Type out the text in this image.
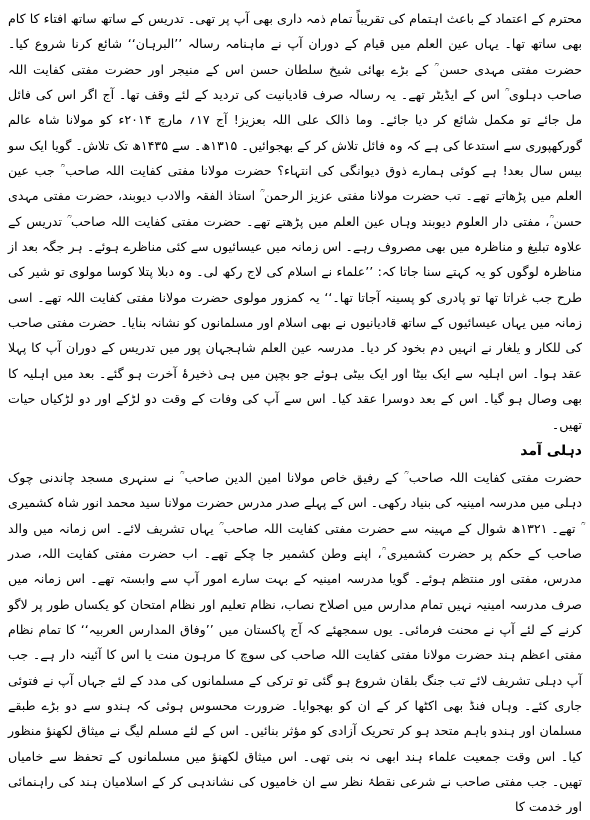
محترم کے اعتماد کے باعث اہتمام کی تقریباً تمام ذمہ داری بھی آپ پر تھی۔ تدریس کے ساتھ ساتھ افتاء کا کام بھی ساتھ تھا۔ یہاں عین العلم میں قیام کے دوران آپ نے ماہنامہ رسالہ ’’البرہان‘‘ شائع کرنا شروع کیا۔ حضرت مفتی مہدی حسن ؒ کے بڑے بھائی شیخ سلطان حسن اس کے منیجر اور حضرت مفتی کفایت اللہ صاحب دہلوی ؒ اس کے ایڈیٹر تھے۔ یہ رسالہ صرف قادیانیت کی تردید کے لئے وقف تھا۔ آج اگر اس کی فائل مل جائے تو مکمل شائع کر دیا جائے۔ وما ذالک علی اللہ بعزیز! آج ۱۷؍ مارچ ۲۰۱۴ء کو مولانا شاہ عالم گورکھپوری سے استدعا کی ہے کہ وہ فائل تلاش کر کے بھجوائیں۔ ۱۳۱۵ھ۔ سے ۱۴۳۵ھ تک تلاش۔ گویا ایک سو بیس سال بعد! ہے کوئی ہمارے ذوق دیوانگی کی انتہاء؟ حضرت مولانا مفتی کفایت اللہ صاحب ؒ جب عین العلم میں پڑھاتے تھے۔ تب حضرت مولانا مفتی عزیز الرحمن ؒ استاذ الفقہ والادب دیوبند، حضرت مفتی مہدی حسن ؒ، مفتی دار العلوم دیوبند وہاں عین العلم میں پڑھتے تھے۔ حضرت مفتی کفایت اللہ صاحب ؒ تدریس کے علاوہ تبلیغ و مناظرہ میں بھی مصروف رہے۔ اس زمانہ میں عیسائیوں سے کئی مناظرے ہوئے۔ ہر جگہ بعد از مناظرہ لوگوں کو یہ کہتے سنا جاتا کہ: ’’علماء نے اسلام کی لاج رکھ لی۔ وہ دبلا پتلا کوسا مولوی تو شیر کی طرح جب غراتا تھا تو پادری کو پسینہ آجاتا تھا۔‘‘ یہ کمزور مولوی حضرت مولانا مفتی کفایت اللہ تھے۔ اسی زمانہ میں یہاں عیسائیوں کے ساتھ قادیانیوں نے بھی اسلام اور مسلمانوں کو نشانہ بنایا۔ حضرت مفتی صاحب کی للکار و یلغار نے انہیں دم بخود کر دیا۔ مدرسہ عین العلم شاہجہان پور میں تدریس کے دوران آپ کا پہلا عقد ہوا۔ اس اہلیہ سے ایک بیٹا اور ایک بیٹی ہوئے جو بچپن میں ہی ذخیرۂ آخرت ہو گئے۔ بعد میں اہلیہ کا بھی وصال ہو گیا۔ اس کے بعد دوسرا عقد کیا۔ اس سے آپ کی وفات کے وقت دو لڑکے اور دو لڑکیاں حیات تھیں۔

دہلی آمد

حضرت مفتی کفایت اللہ صاحب ؒ کے رفیق خاص مولانا امین الدین صاحب ؒ نے سنہری مسجد چاندنی چوک دہلی میں مدرسہ امینیہ کی بنیاد رکھی۔ اس کے پہلے صدر مدرس حضرت مولانا سید محمد انور شاہ کشمیری ؒ تھے۔ ۱۳۲۱ھ شوال کے مہینہ سے حضرت مفتی کفایت اللہ صاحب ؒ یہاں تشریف لائے۔ اس زمانہ میں والد صاحب کے حکم پر حضرت کشمیری ؒ، اپنے وطن کشمیر جا چکے تھے۔ اب حضرت مفتی کفایت اللہ، صدر مدرس، مفتی اور منتظم ہوئے۔ گویا مدرسہ امینیہ کے بہت سارے امور آپ سے وابستہ تھے۔ اس زمانہ میں صرف مدرسہ امینیہ نہیں تمام مدارس میں اصلاح نصاب، نظام تعلیم اور نظام امتحان کو یکساں طور پر لاگو کرنے کے لئے آپ نے محنت فرمائی۔ یوں سمجھئے کہ آج پاکستان میں ’’وفاق المدارس العربیہ‘‘ کا تمام نظام مفتی اعظم ہند حضرت مولانا مفتی کفایت اللہ صاحب کی سوچ کا مرہون منت یا اس کا آئینہ دار ہے۔ جب آپ دہلی تشریف لائے تب جنگ بلقان شروع ہو گئی تو ترکی کے مسلمانوں کی مدد کے لئے جہاں آپ نے فتوئی جاری کئے۔ وہاں فنڈ بھی اکٹھا کر کے ان کو بھجوایا۔ ضرورت محسوس ہوئی کہ ہندو سے دو بڑے طبقے مسلمان اور ہندو باہم متحد ہو کر تحریک آزادی کو مؤثر بنائیں۔ اس کے لئے مسلم لیگ نے میثاق لکھنؤ منظور کیا۔ اس وقت جمعیت علماء ہند ابھی نہ بنی تھی۔ اس میثاق لکھنؤ میں مسلمانوں کے تحفظ سے خامیاں تھیں۔ جب مفتی صاحب نے شرعی نقطۂ نظر سے ان خامیوں کی نشاندہی کر کے اسلامیان ہند کی راہنمائی اور خدمت کا
